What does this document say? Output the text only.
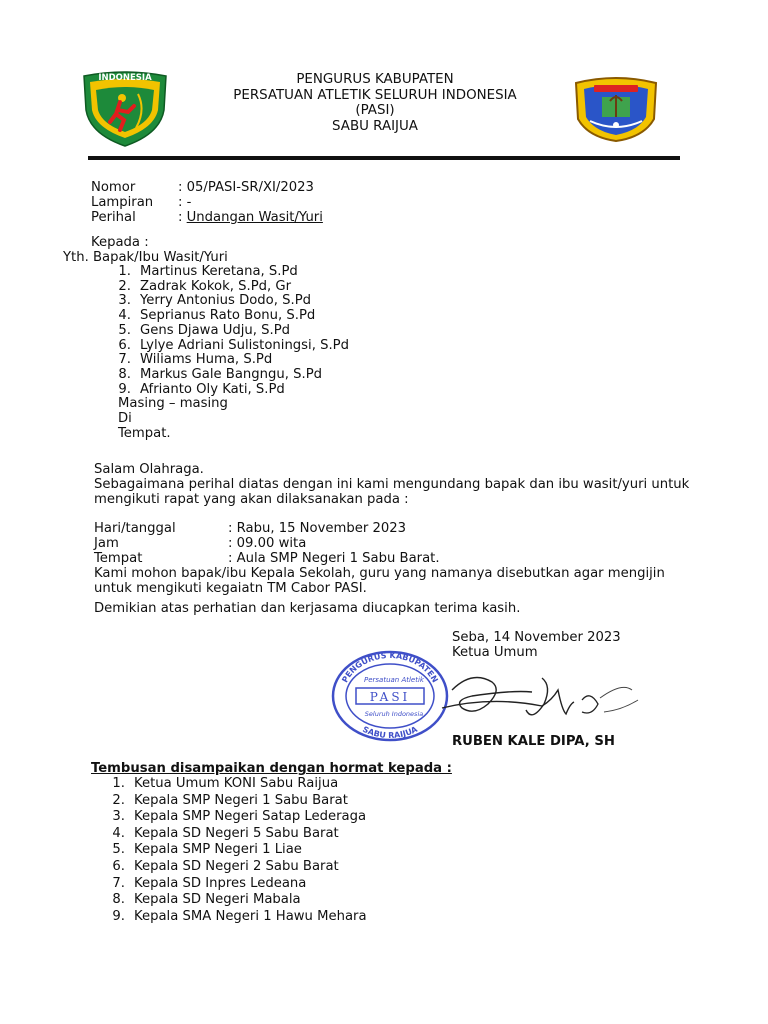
INDONESIA	PENGURUS KABUPATEN
PERSATUAN ATLETIK SELURUH INDONESIA
(PASI)
SABU RAIJUA
Nomor	: 05/PASI-SR/XI/2023
Lampiran : -
Perihal	: Undangan Wasit/Yuri
Kepada :
Yth. Bapak/Ibu Wasit/Yuri
1. Martinus Keretana, S.Pd
2. Zadrak Kokok, S.Pd, Gr
3. Yerry Antonius Dodo, S.Pd
4. Seprianus Rato Bonu, S.Pd
5. Gens Djawa Udju, S.Pd
6. Lylye Adriani Sulistoningsi, S.Pd
7. Wiliams Huma, S.Pd
8. Markus Gale Bangngu, S.Pd
9. Afrianto Oly Kati, S.Pd
Masing – masing
Di
Tempat.
Salam Olahraga.
Sebagaimana perihal diatas dengan ini kami mengundang bapak dan ibu wasit/yuri untuk
mengikuti rapat yang akan dilaksanakan pada :
Hari/tanggal	: Rabu, 15 November 2023
Jam	: 09.00 wita
Tempat	: Aula SMP Negeri 1 Sabu Barat.
Kami mohon bapak/ibu Kepala Sekolah, guru yang namanya disebutkan agar mengijin
untuk mengikuti kegaiatn TM Cabor PASI.
Demikian atas perhatian dan kerjasama diucapkan terima kasih.
Seba, 14 November 2023
Ketua Umum
PENGURUS KABUPATEN
SABU RAIJUA
Persatuan Atletik
PASI
Seluruh Indonesia
RUBEN KALE DIPA, SH
Tembusan disampaikan dengan hormat kepada :
1. Ketua Umum KONI Sabu Raijua
2. Kepala SMP Negeri 1 Sabu Barat
3. Kepala SMP Negeri Satap Lederaga
4. Kepala SD Negeri 5 Sabu Barat
5. Kepala SMP Negeri 1 Liae
6. Kepala SD Negeri 2 Sabu Barat
7. Kepala SD Inpres Ledeana
8. Kepala SD Negeri Mabala
9. Kepala SMA Negeri 1 Hawu Mehara
